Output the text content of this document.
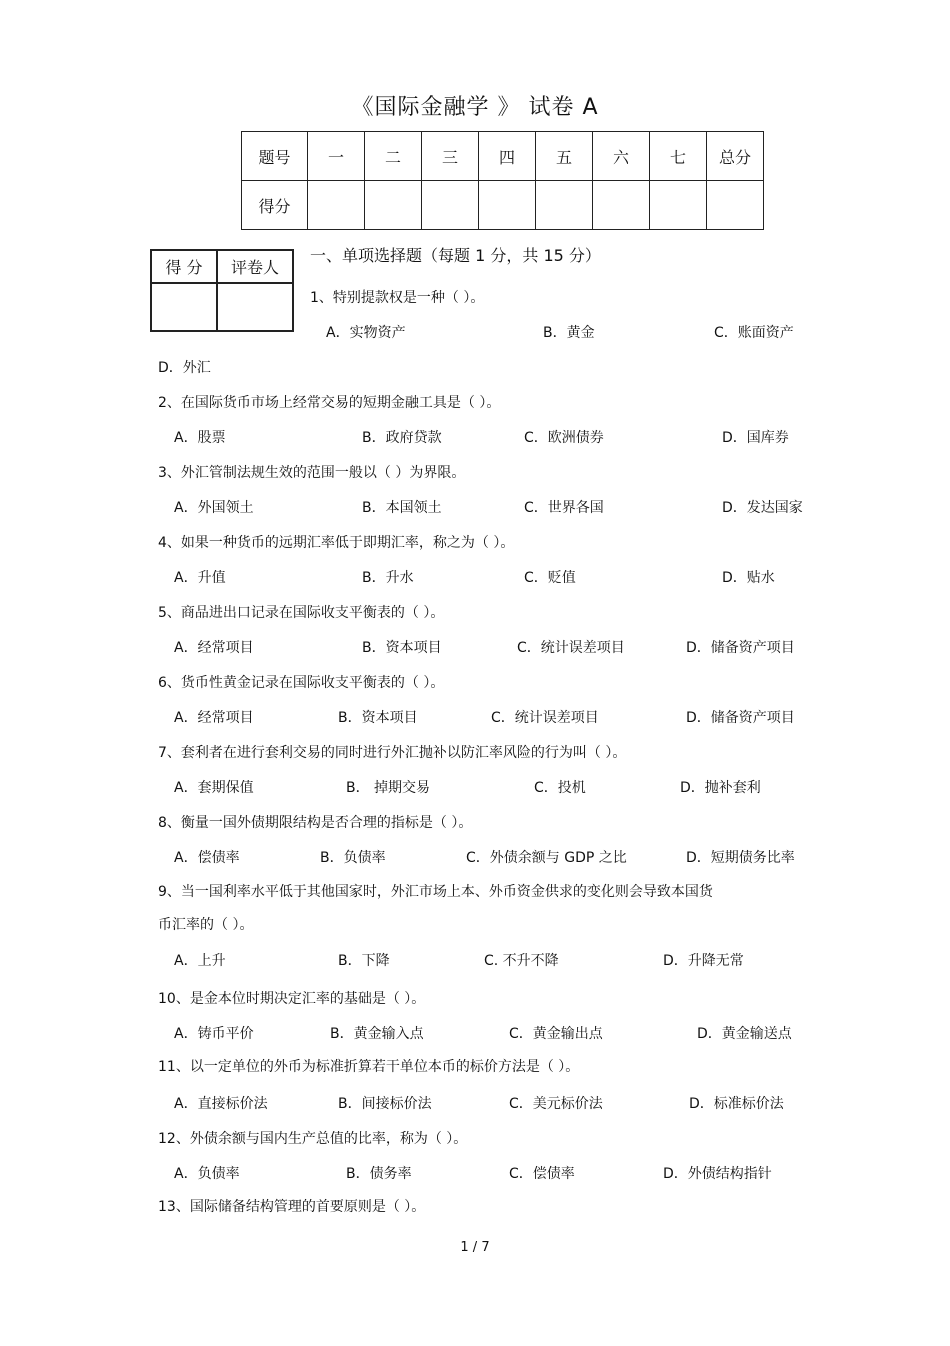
《国际金融学 》 试卷 A
题号	一	二	三	四	五	六	七	总分
得分								
得 分	评卷人

一、单项选择题（每题 1 分，共 15 分）
1、特别提款权是一种（ ）。
A．实物资产	B．黄金	C．账面资产
D．外汇
2、在国际货币市场上经常交易的短期金融工具是（ ）。
A．股票	B．政府贷款	C．欧洲债券	D．国库券
3、外汇管制法规生效的范围一般以（ ）为界限。
A．外国领土	B．本国领土	C．世界各国	D．发达国家
4、如果一种货币的远期汇率低于即期汇率，称之为（ ）。
A．升值	B．升水	C．贬值	D．贴水
5、商品进出口记录在国际收支平衡表的（ ）。
A．经常项目	B．资本项目	C．统计误差项目	D．储备资产项目
6、货币性黄金记录在国际收支平衡表的（ ）。
A．经常项目	B．资本项目	C．统计误差项目	D．储备资产项目
7、套利者在进行套利交易的同时进行外汇抛补以防汇率风险的行为叫（ ）。
A．套期保值	B． 掉期交易	C．投机	D．抛补套利
8、衡量一国外债期限结构是否合理的指标是（ ）。
A．偿债率	B．负债率	C．外债余额与 GDP 之比	D．短期债务比率
9、当一国利率水平低于其他国家时，外汇市场上本、外币资金供求的变化则会导致本国货
币汇率的（ ）。
A．上升	B．下降	C. 不升不降	D．升降无常
10、是金本位时期决定汇率的基础是（ ）。
A．铸币平价	B．黄金输入点	C．黄金输出点	D．黄金输送点
11、以一定单位的外币为标准折算若干单位本币的标价方法是（ ）。
A．直接标价法	B．间接标价法	C．美元标价法	D．标准标价法
12、外债余额与国内生产总值的比率，称为（ ）。
A．负债率	B．债务率	C．偿债率	D．外债结构指针
13、国际储备结构管理的首要原则是（ ）。
1 / 7
